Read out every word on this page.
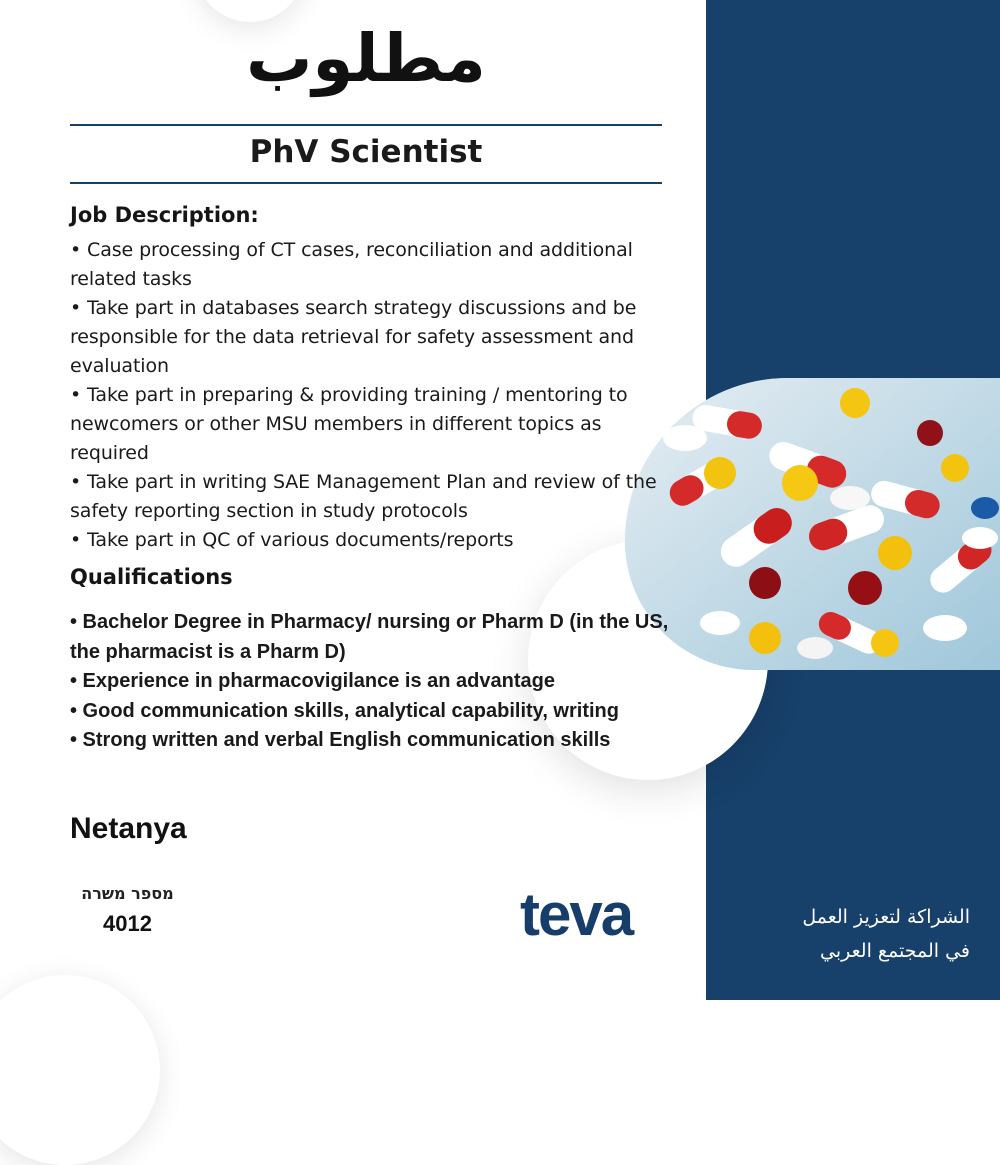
مطلوب
PhV Scientist
Job Description:
• Case processing of CT cases, reconciliation and additional related tasks
• Take part in databases search strategy discussions and be responsible for the data retrieval for safety assessment and evaluation
• Take part in preparing & providing training / mentoring to newcomers or other MSU members in different topics as required
• Take part in writing SAE Management Plan and review of the safety reporting section in study protocols
• Take part in QC of various documents/reports
Qualifications
• Bachelor Degree in Pharmacy/ nursing or Pharm D (in the US, the pharmacist is a Pharm D)
• Experience in pharmacovigilance is an advantage
• Good communication skills, analytical capability, writing
• Strong written and verbal English communication skills
Netanya
מספר משרה
4012	teva	الشراكة لتعزيز العمل
في المجتمع العربي
